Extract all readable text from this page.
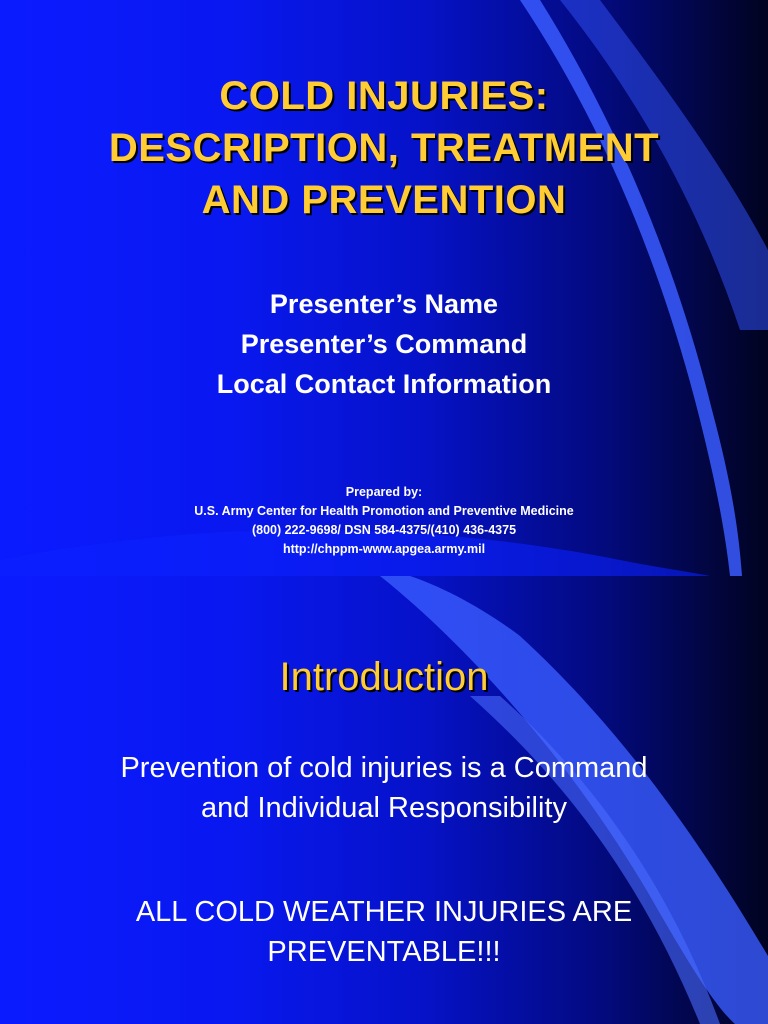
COLD INJURIES:
DESCRIPTION, TREATMENT
AND PREVENTION
Presenter’s Name
Presenter’s Command
Local Contact Information
Prepared by:
U.S. Army Center for Health Promotion and Preventive Medicine
(800) 222-9698/ DSN 584-4375/(410) 436-4375
http://chppm-www.apgea.army.mil
Introduction
Prevention of cold injuries is a Command
and Individual Responsibility
ALL COLD WEATHER INJURIES ARE
PREVENTABLE!!!
